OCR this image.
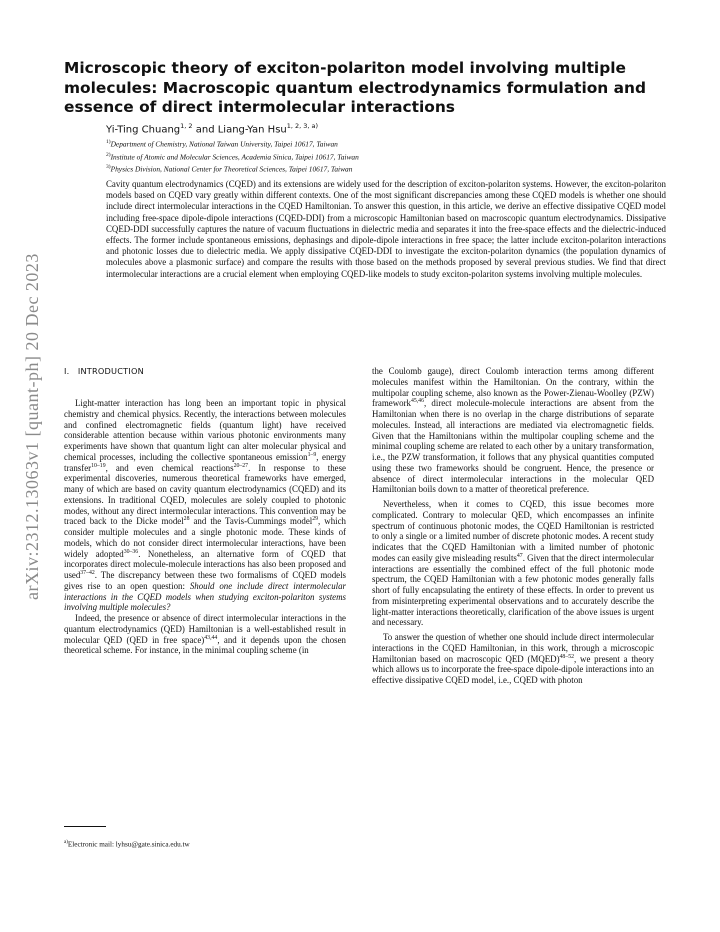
arXiv:2312.13063v1 [quant-ph] 20 Dec 2023
Microscopic theory of exciton-polariton model involving multiple molecules: Macroscopic quantum electrodynamics formulation and essence of direct intermolecular interactions
Yi-Ting Chuang$^{1, 2}$ and Liang-Yan Hsu$^{1, 2, 3, a)}$
$^{1)}$Department of Chemistry, National Taiwan University, Taipei 10617, Taiwan
$^{2)}$Institute of Atomic and Molecular Sciences, Academia Sinica, Taipei 10617, Taiwan
$^{3)}$Physics Division, National Center for Theoretical Sciences, Taipei 10617, Taiwan

Cavity quantum electrodynamics (CQED) and its extensions are widely used for the description of exciton-polariton systems. However, the exciton-polariton models based on CQED vary greatly within different contexts. One of the most significant discrepancies among these CQED models is whether one should include direct intermolecular interactions in the CQED Hamiltonian. To answer this question, in this article, we derive an effective dissipative CQED model including free-space dipole-dipole interactions (CQED-DDI) from a microscopic Hamiltonian based on macroscopic quantum electrodynamics. Dissipative CQED-DDI successfully captures the nature of vacuum fluctuations in dielectric media and separates it into the free-space effects and the dielectric-induced effects. The former include spontaneous emissions, dephasings and dipole-dipole interactions in free space; the latter include exciton-polariton interactions and photonic losses due to dielectric media. We apply dissipative CQED-DDI to investigate the exciton-polariton dynamics (the population dynamics of molecules above a plasmonic surface) and compare the results with those based on the methods proposed by several previous studies. We find that direct intermolecular interactions are a crucial element when employing CQED-like models to study exciton-polariton systems involving multiple molecules.

I. INTRODUCTION

Light-matter interaction has long been an important topic in physical chemistry and chemical physics. Recently, the interactions between molecules and confined electromagnetic fields (quantum light) have received considerable attention because within various photonic environments many experiments have shown that quantum light can alter molecular physical and chemical processes, including the collective spontaneous emission$^{1-9}$, energy transfer$^{10-19}$, and even chemical reactions$^{20-27}$. In response to these experimental discoveries, numerous theoretical frameworks have emerged, many of which are based on cavity quantum electrodynamics (CQED) and its extensions. In traditional CQED, molecules are solely coupled to photonic modes, without any direct intermolecular interactions. This convention may be traced back to the Dicke model$^{28}$ and the Tavis-Cummings model$^{29}$, which consider multiple molecules and a single photonic mode. These kinds of models, which do not consider direct intermolecular interactions, have been widely adopted$^{30-36}$. Nonetheless, an alternative form of CQED that incorporates direct molecule-molecule interactions has also been proposed and used$^{37-42}$. The discrepancy between these two formalisms of CQED models gives rise to an open question: Should one include direct intermolecular interactions in the CQED models when studying exciton-polariton systems involving multiple molecules?

Indeed, the presence or absence of direct intermolecular interactions in the quantum electrodynamics (QED) Hamiltonian is a well-established result in molecular QED (QED in free space)$^{43,44}$, and it depends upon the chosen theoretical scheme. For instance, in the minimal coupling scheme (in

the Coulomb gauge), direct Coulomb interaction terms among different molecules manifest within the Hamiltonian. On the contrary, within the multipolar coupling scheme, also known as the Power-Zienau-Woolley (PZW) framework$^{45,46}$, direct molecule-molecule interactions are absent from the Hamiltonian when there is no overlap in the charge distributions of separate molecules. Instead, all interactions are mediated via electromagnetic fields. Given that the Hamiltonians within the multipolar coupling scheme and the minimal coupling scheme are related to each other by a unitary transformation, i.e., the PZW transformation, it follows that any physical quantities computed using these two frameworks should be congruent. Hence, the presence or absence of direct intermolecular interactions in the molecular QED Hamiltonian boils down to a matter of theoretical preference.

Nevertheless, when it comes to CQED, this issue becomes more complicated. Contrary to molecular QED, which encompasses an infinite spectrum of continuous photonic modes, the CQED Hamiltonian is restricted to only a single or a limited number of discrete photonic modes. A recent study indicates that the CQED Hamiltonian with a limited number of photonic modes can easily give misleading results$^{47}$. Given that the direct intermolecular interactions are essentially the combined effect of the full photonic mode spectrum, the CQED Hamiltonian with a few photonic modes generally falls short of fully encapsulating the entirety of these effects. In order to prevent us from misinterpreting experimental observations and to accurately describe the light-matter interactions theoretically, clarification of the above issues is urgent and necessary.

To answer the question of whether one should include direct intermolecular interactions in the CQED Hamiltonian, in this work, through a microscopic Hamiltonian based on macroscopic QED (MQED)$^{48-52}$, we present a theory which allows us to incorporate the free-space dipole-dipole interactions into an effective dissipative CQED model, i.e., CQED with photon

$^{a)}$Electronic mail: lyhsu@gate.sinica.edu.tw
